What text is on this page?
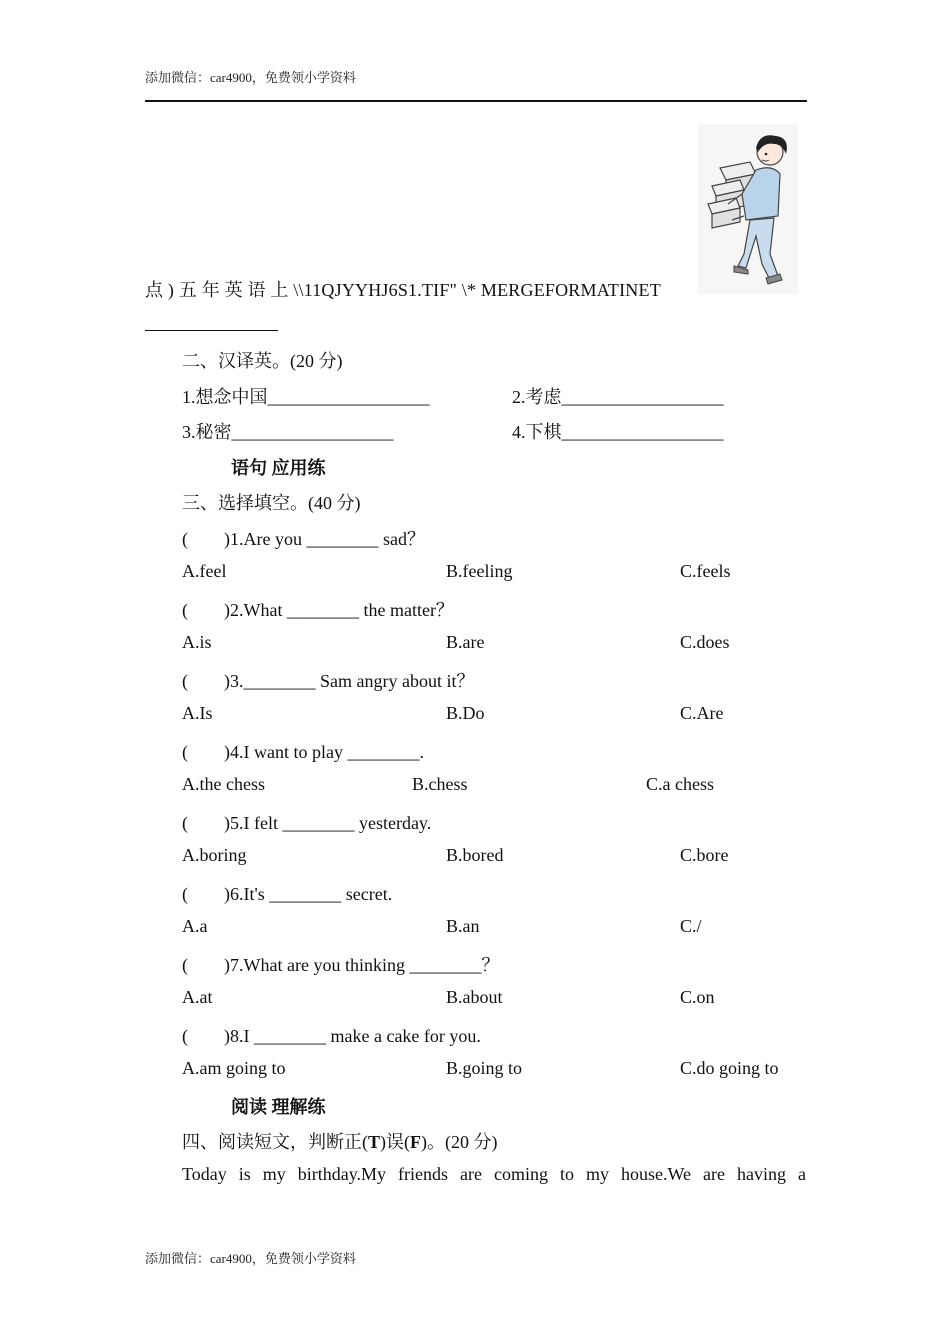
添加微信：car4900，免费领小学资料
点 ) 五 年 英 语 上 \\11QJYYHJ6S1.TIF" \* MERGEFORMATINET
二、汉译英。(20 分)
1.想念中国__________________	2.考虑__________________
3.秘密__________________	4.下棋__________________
语句 应用练
三、选择填空。(40 分)
(　　)1.Are you ________ sad？
A.feel	B.feeling	C.feels
(　　)2.What ________ the matter？
A.is	B.are	C.does
(　　)3.________ Sam angry about it？
A.Is	B.Do	C.Are
(　　)4.I want to play ________.
A.the chess	B.chess	C.a chess
(　　)5.I felt ________ yesterday.
A.boring	B.bored	C.bore
(　　)6.It's ________ secret.
A.a	B.an	C./
(　　)7.What are you thinking ________？
A.at	B.about	C.on
(　　)8.I ________ make a cake for you.
A.am going to	B.going to	C.do going to
阅读 理解练
四、阅读短文，判断正(T)误(F)。(20 分)
Today is my birthday.My friends are coming to my house.We are having a
添加微信：car4900，免费领小学资料
